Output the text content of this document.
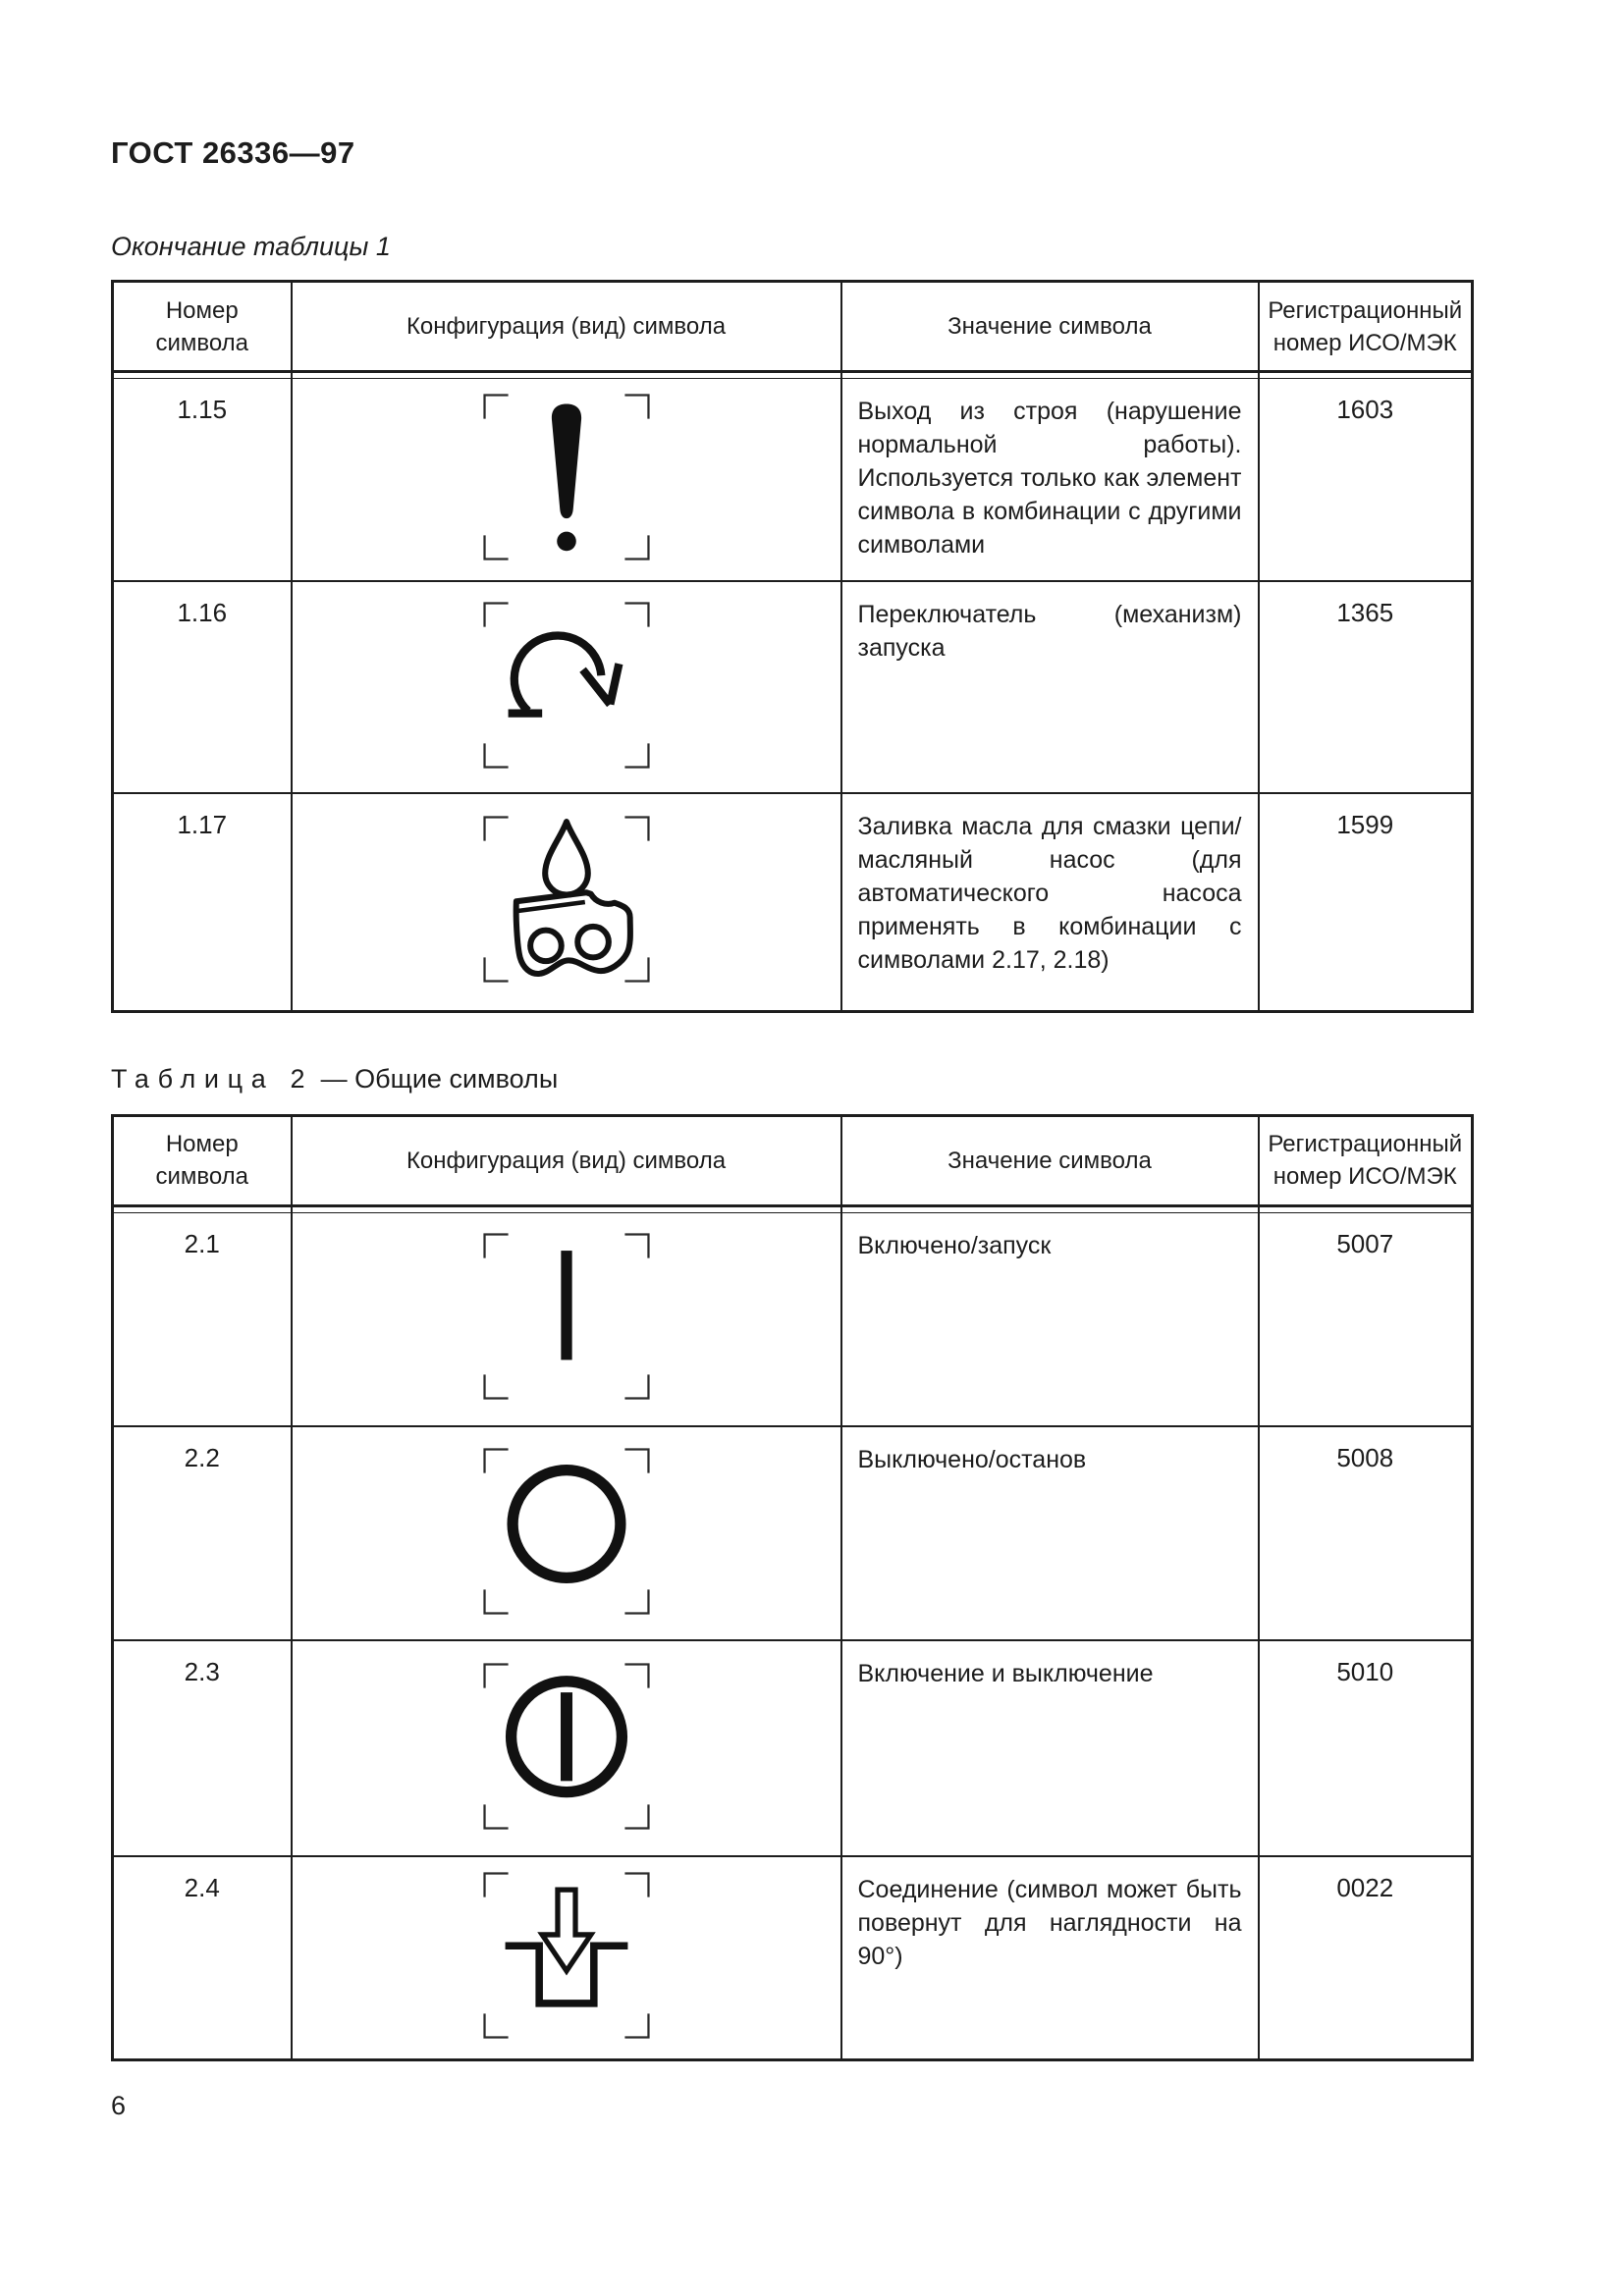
ГОСТ 26336—97
Окончание таблицы 1
Номер символа	Конфигурация (вид) символа	Значение символа	Регистрационный номер ИСО/МЭК

1.15		Выход из строя (нарушение нормальной работы). Используется только как элемент символа в комбинации с другими символами	1603
1.16		Переключатель (механизм) запуска	1365
1.17		Заливка масла для смазки цепи/масляный насос (для автоматического насоса применять в комбинации с символами 2.17, 2.18)	1599
Таблица 2 — Общие символы
Номер символа	Конфигурация (вид) символа	Значение символа	Регистрационный номер ИСО/МЭК

2.1		Включено/запуск	5007
2.2		Выключено/останов	5008
2.3		Включение и выключение	5010
2.4		Соединение (символ может быть повернут для наглядности на 90°)	0022
6
